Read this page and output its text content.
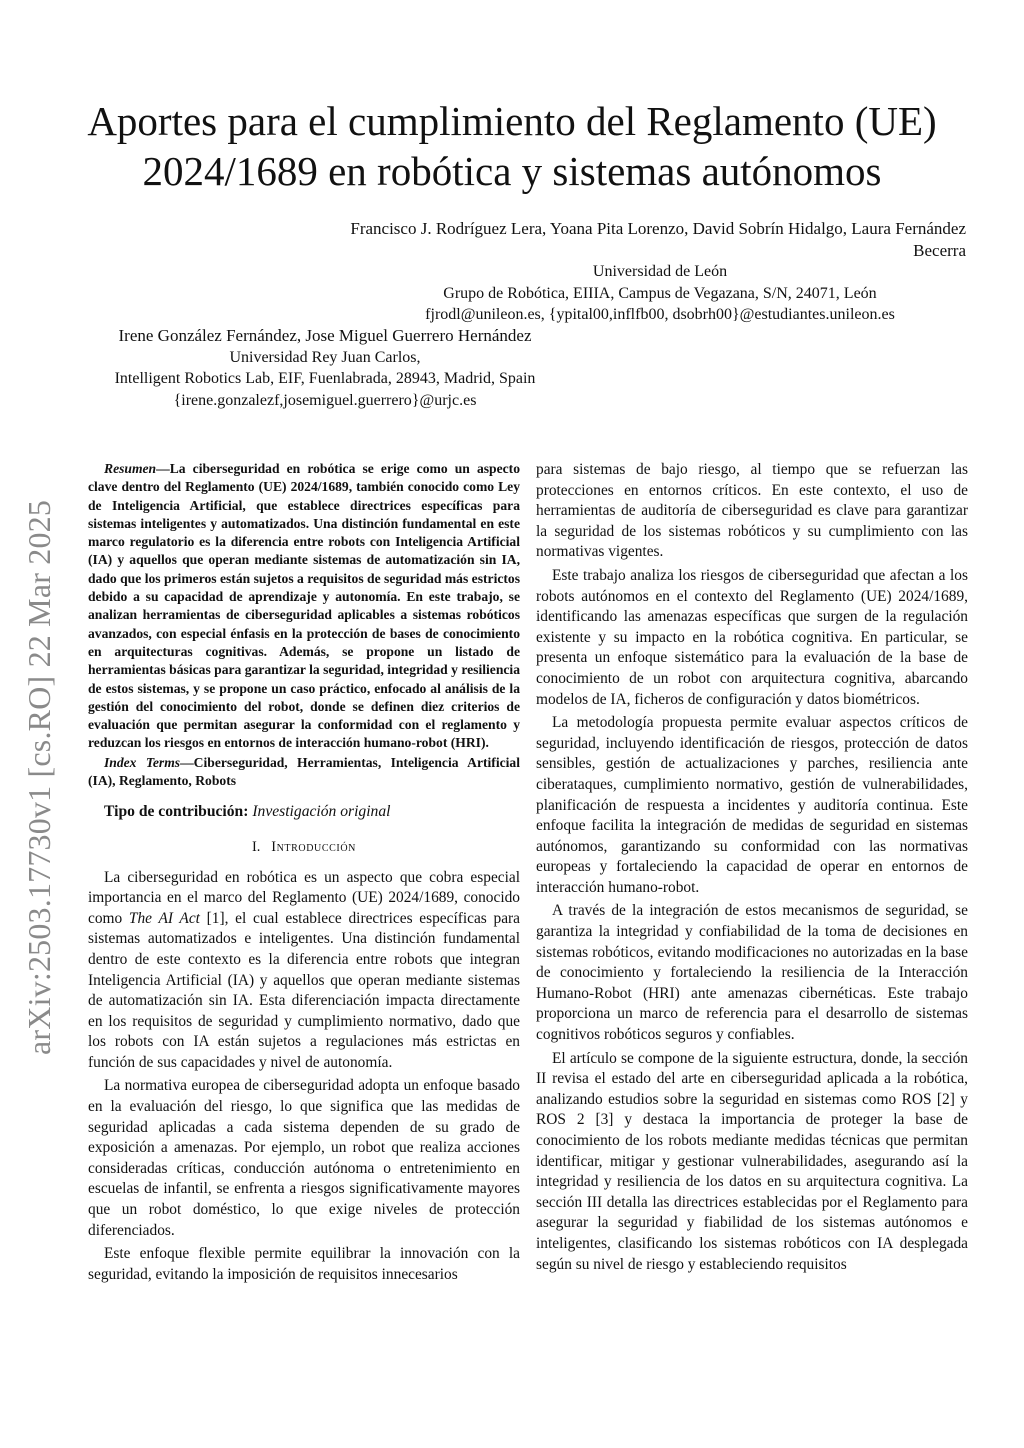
Aportes para el cumplimiento del Reglamento (UE)
2024/1689 en robótica y sistemas autónomos
Francisco J. Rodríguez Lera, Yoana Pita Lorenzo, David Sobrín Hidalgo, Laura Fernández Becerra
Universidad de León
Grupo de Robótica, EIIIA, Campus de Vegazana, S/N, 24071, León
fjrodl@unileon.es, {ypital00,inflfb00, dsobrh00}@estudiantes.unileon.es
Irene González Fernández, Jose Miguel Guerrero Hernández
Universidad Rey Juan Carlos,
Intelligent Robotics Lab, EIF, Fuenlabrada, 28943, Madrid, Spain
{irene.gonzalezf,josemiguel.guerrero}@urjc.es
arXiv:2503.17730v1 [cs.RO] 22 Mar 2025

Resumen—La ciberseguridad en robótica se erige como un aspecto clave dentro del Reglamento (UE) 2024/1689, también conocido como Ley de Inteligencia Artificial, que establece directrices específicas para sistemas inteligentes y automatizados. Una distinción fundamental en este marco regulatorio es la diferencia entre robots con Inteligencia Artificial (IA) y aquellos que operan mediante sistemas de automatización sin IA, dado que los primeros están sujetos a requisitos de seguridad más estrictos debido a su capacidad de aprendizaje y autonomía. En este trabajo, se analizan herramientas de ciberseguridad aplicables a sistemas robóticos avanzados, con especial énfasis en la protección de bases de conocimiento en arquitecturas cognitivas. Además, se propone un listado de herramientas básicas para garantizar la seguridad, integridad y resiliencia de estos sistemas, y se propone un caso práctico, enfocado al análisis de la gestión del conocimiento del robot, donde se definen diez criterios de evaluación que permitan asegurar la conformidad con el reglamento y reduzcan los riesgos en entornos de interacción humano-robot (HRI).

Index Terms—Ciberseguridad, Herramientas, Inteligencia Artificial (IA), Reglamento, Robots

Tipo de contribución: Investigación original
I. Introducción

La ciberseguridad en robótica es un aspecto que cobra especial importancia en el marco del Reglamento (UE) 2024/1689, conocido como The AI Act [1], el cual establece directrices específicas para sistemas automatizados e inteligentes. Una distinción fundamental dentro de este contexto es la diferencia entre robots que integran Inteligencia Artificial (IA) y aquellos que operan mediante sistemas de automatización sin IA. Esta diferenciación impacta directamente en los requisitos de seguridad y cumplimiento normativo, dado que los robots con IA están sujetos a regulaciones más estrictas en función de sus capacidades y nivel de autonomía.

La normativa europea de ciberseguridad adopta un enfoque basado en la evaluación del riesgo, lo que significa que las medidas de seguridad aplicadas a cada sistema dependen de su grado de exposición a amenazas. Por ejemplo, un robot que realiza acciones consideradas críticas, conducción autónoma o entretenimiento en escuelas de infantil, se enfrenta a riesgos significativamente mayores que un robot doméstico, lo que exige niveles de protección diferenciados.

Este enfoque flexible permite equilibrar la innovación con la seguridad, evitando la imposición de requisitos innecesarios

para sistemas de bajo riesgo, al tiempo que se refuerzan las protecciones en entornos críticos. En este contexto, el uso de herramientas de auditoría de ciberseguridad es clave para garantizar la seguridad de los sistemas robóticos y su cumplimiento con las normativas vigentes.

Este trabajo analiza los riesgos de ciberseguridad que afectan a los robots autónomos en el contexto del Reglamento (UE) 2024/1689, identificando las amenazas específicas que surgen de la regulación existente y su impacto en la robótica cognitiva. En particular, se presenta un enfoque sistemático para la evaluación de la base de conocimiento de un robot con arquitectura cognitiva, abarcando modelos de IA, ficheros de configuración y datos biométricos.

La metodología propuesta permite evaluar aspectos críticos de seguridad, incluyendo identificación de riesgos, protección de datos sensibles, gestión de actualizaciones y parches, resiliencia ante ciberataques, cumplimiento normativo, gestión de vulnerabilidades, planificación de respuesta a incidentes y auditoría continua. Este enfoque facilita la integración de medidas de seguridad en sistemas autónomos, garantizando su conformidad con las normativas europeas y fortaleciendo la capacidad de operar en entornos de interacción humano-robot.

A través de la integración de estos mecanismos de seguridad, se garantiza la integridad y confiabilidad de la toma de decisiones en sistemas robóticos, evitando modificaciones no autorizadas en la base de conocimiento y fortaleciendo la resiliencia de la Interacción Humano-Robot (HRI) ante amenazas cibernéticas. Este trabajo proporciona un marco de referencia para el desarrollo de sistemas cognitivos robóticos seguros y confiables.

El artículo se compone de la siguiente estructura, donde, la sección II revisa el estado del arte en ciberseguridad aplicada a la robótica, analizando estudios sobre la seguridad en sistemas como ROS [2] y ROS 2 [3] y destaca la importancia de proteger la base de conocimiento de los robots mediante medidas técnicas que permitan identificar, mitigar y gestionar vulnerabilidades, asegurando así la integridad y resiliencia de los datos en su arquitectura cognitiva. La sección III detalla las directrices establecidas por el Reglamento para asegurar la seguridad y fiabilidad de los sistemas autónomos e inteligentes, clasificando los sistemas robóticos con IA desplegada según su nivel de riesgo y estableciendo requisitos
